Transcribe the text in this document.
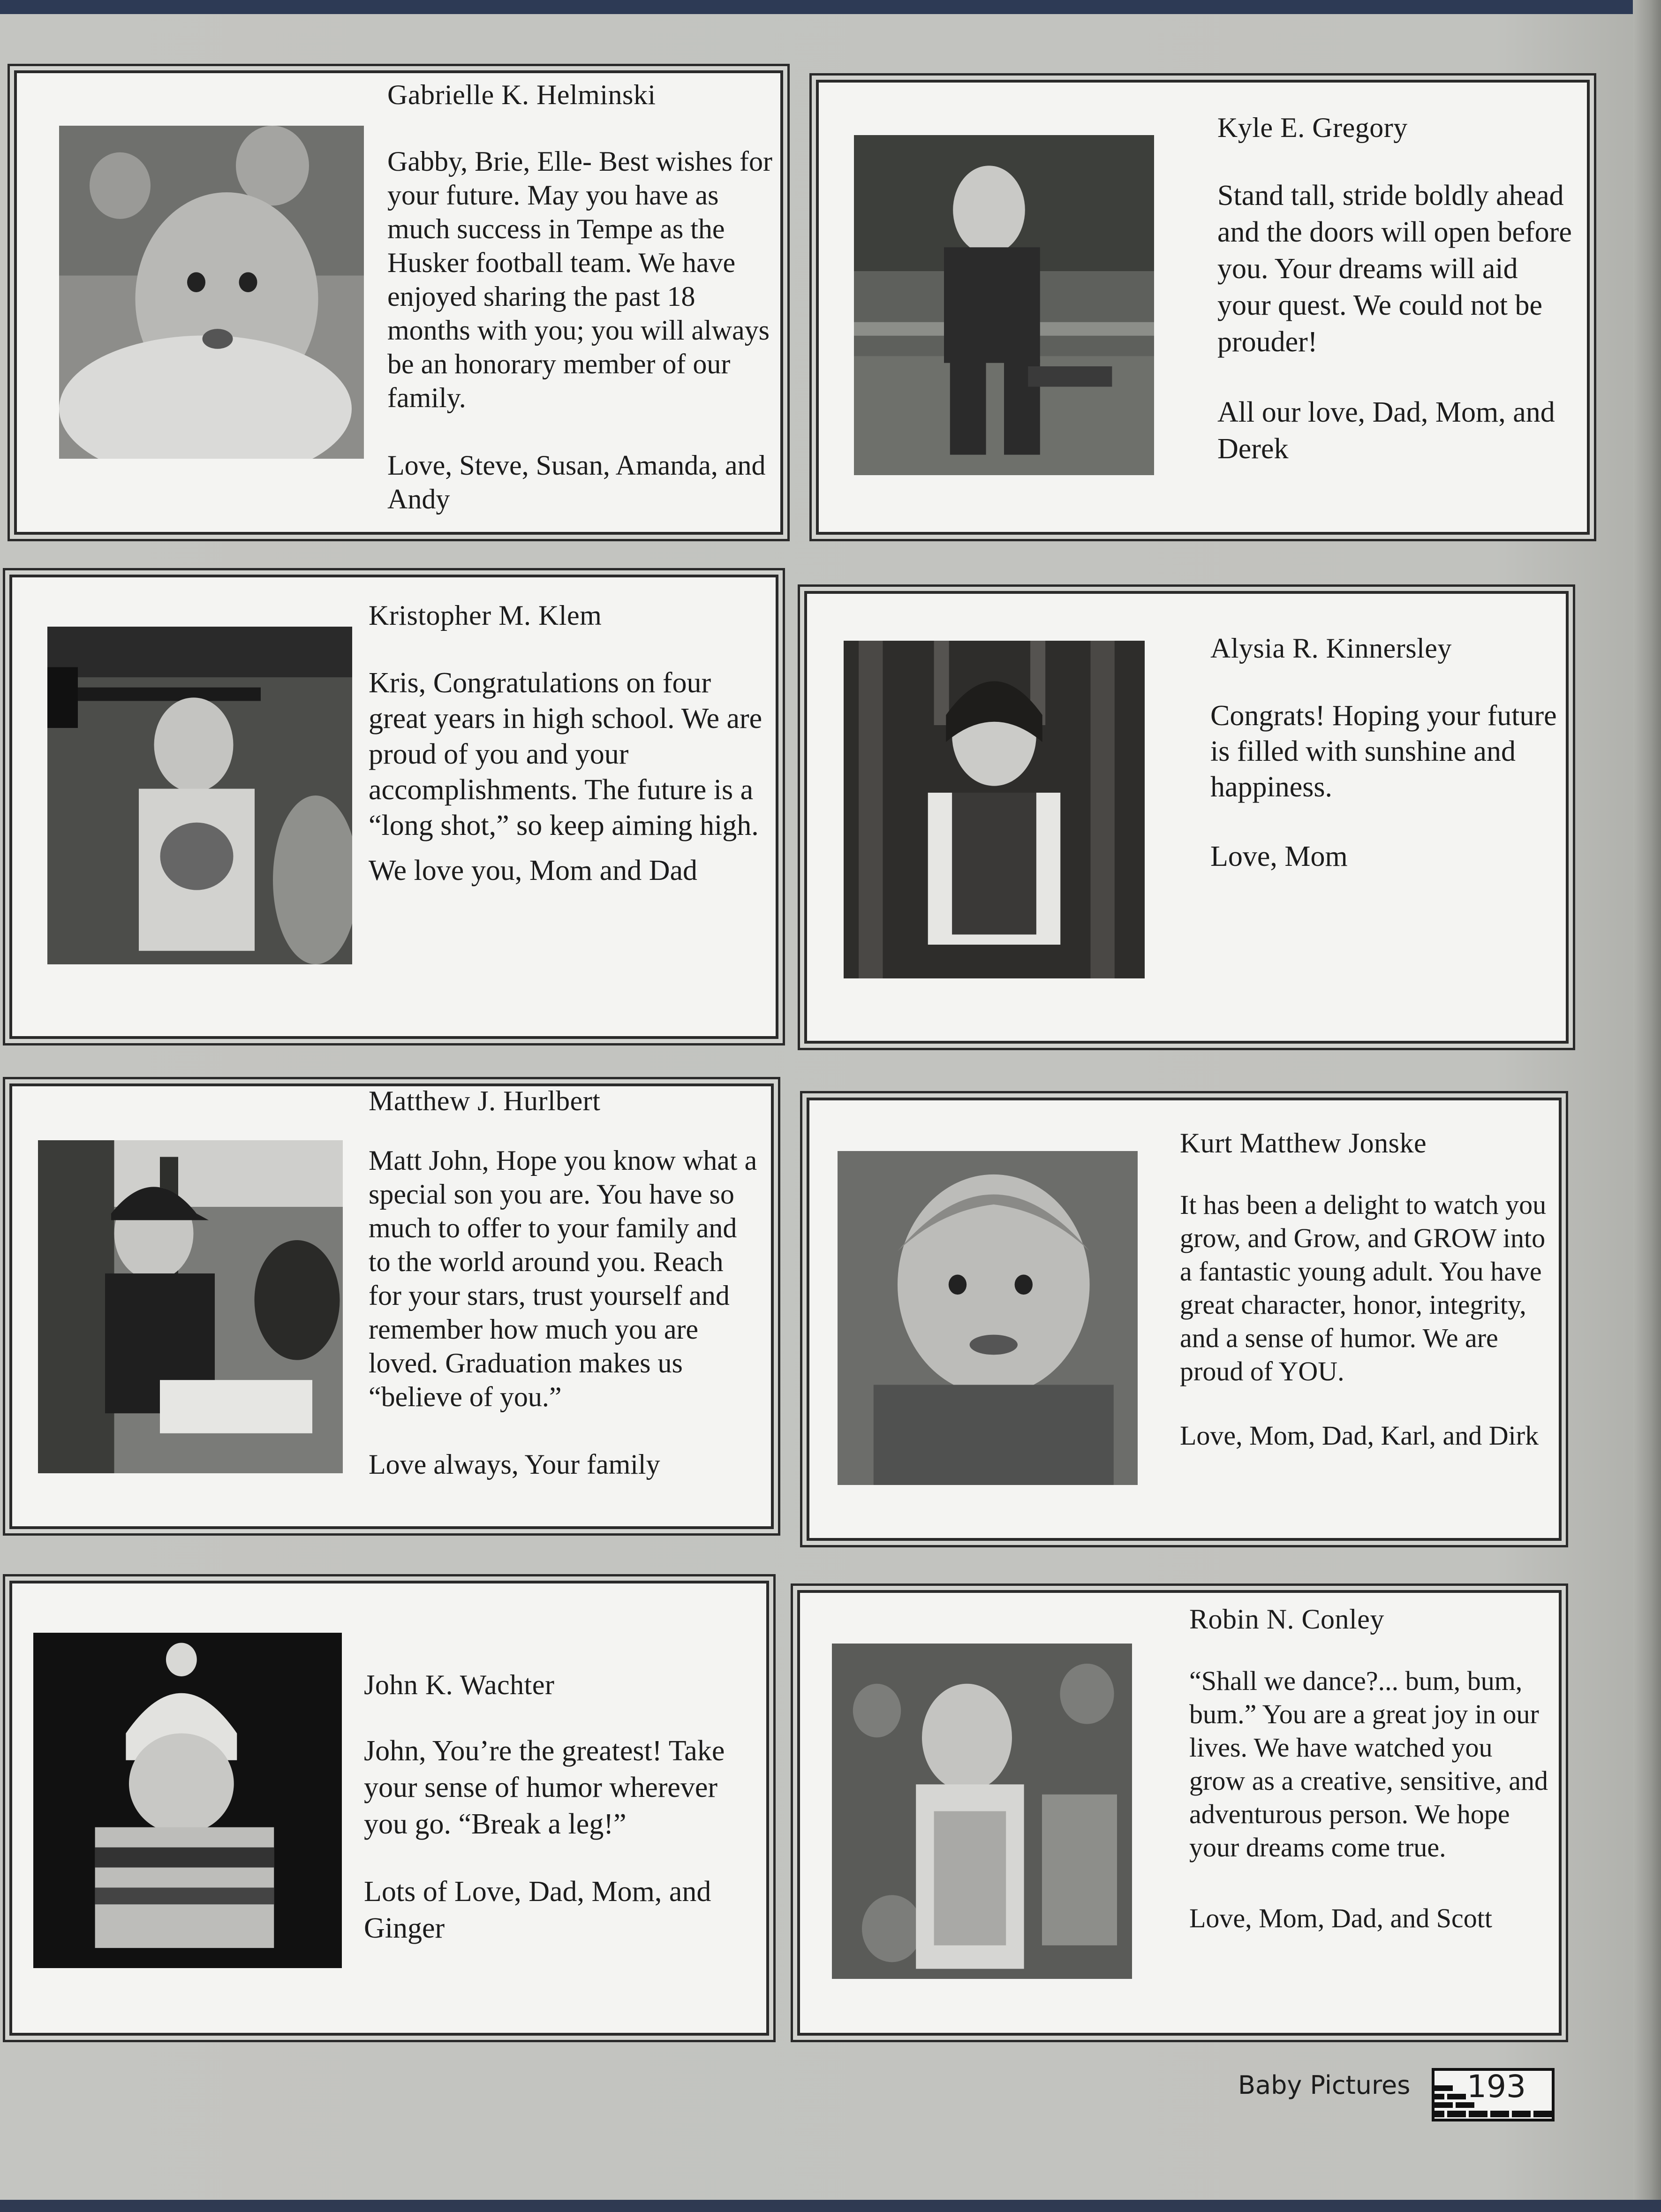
Gabrielle K. Helminski

Gabby, Brie, Elle- Best wishes for your future. May you have as much success in Tempe as the Husker football team. We have enjoyed sharing the past 18 months with you; you will always be an honorary member of our family.

Love, Steve, Susan, Amanda, and Andy

Kyle E. Gregory

Stand tall, stride boldly ahead and the doors will open before you. Your dreams will aid your quest. We could not be prouder!

All our love, Dad, Mom, and Derek

Kristopher M. Klem

Kris, Congratulations on four great years in high school. We are proud of you and your accomplishments. The future is a “long shot,” so keep aiming high.

We love you, Mom and Dad

Alysia R. Kinnersley

Congrats! Hoping your future is filled with sunshine and happiness.

Love, Mom

Matthew J. Hurlbert

Matt John, Hope you know what a special son you are. You have so much to offer to your family and to the world around you. Reach for your stars, trust yourself and remember how much you are loved. Graduation makes us “believe of you.”

Love always, Your family

Kurt Matthew Jonske

It has been a delight to watch you grow, and Grow, and GROW into a fantastic young adult. You have great character, honor, integrity, and a sense of humor. We are proud of YOU.

Love, Mom, Dad, Karl, and Dirk

John K. Wachter

John, You’re the greatest! Take your sense of humor wherever you go. “Break a leg!”

Lots of Love, Dad, Mom, and Ginger

Robin N. Conley

“Shall we dance?... bum, bum, bum.” You are a great joy in our lives. We have watched you grow as a creative, sensitive, and adventurous person. We hope your dreams come true.

Love, Mom, Dad, and Scott

Baby Pictures 193
